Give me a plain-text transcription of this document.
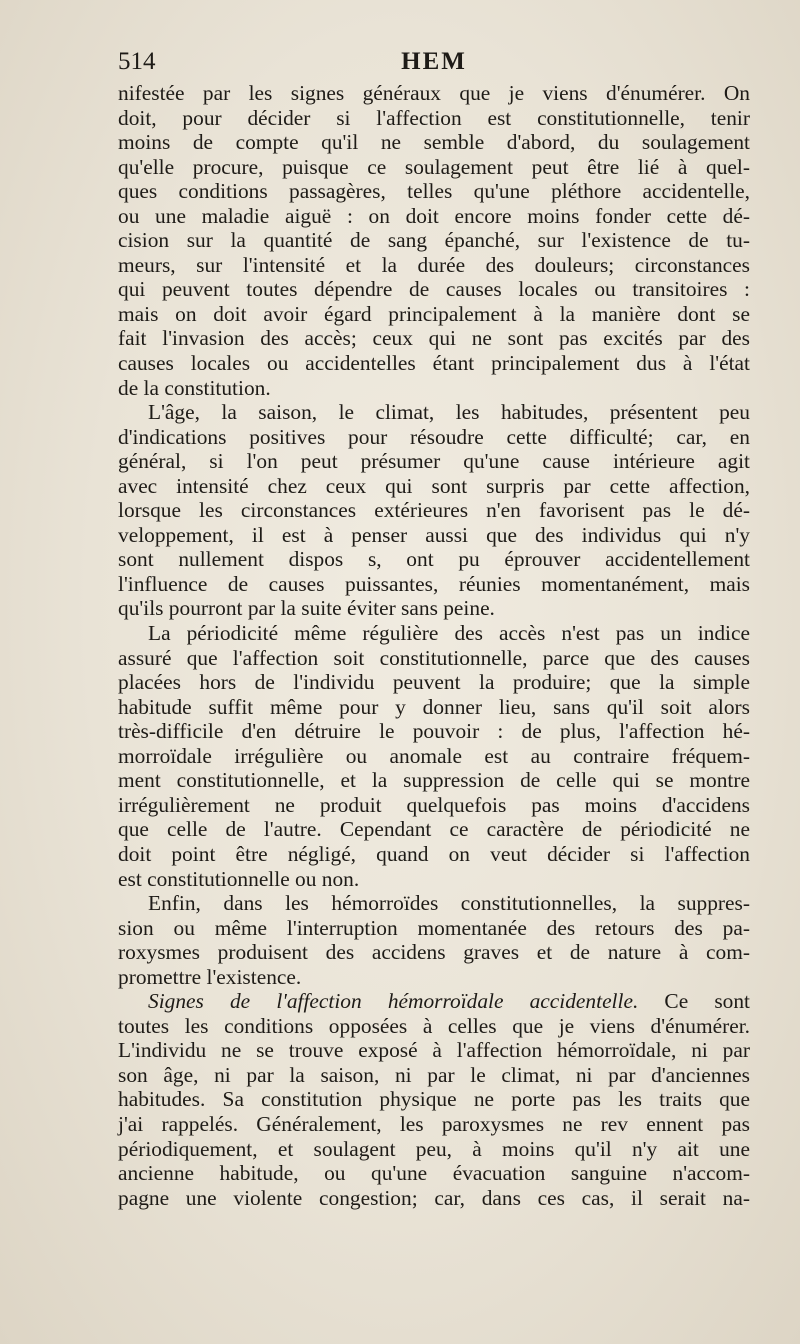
514	HEM
nifestée par les signes généraux que je viens d'énumérer. On
doit, pour décider si l'affection est constitutionnelle, tenir
moins de compte qu'il ne semble d'abord, du soulagement
qu'elle procure, puisque ce soulagement peut être lié à quel-
ques conditions passagères, telles qu'une pléthore accidentelle,
ou une maladie aiguë : on doit encore moins fonder cette dé-
cision sur la quantité de sang épanché, sur l'existence de tu-
meurs, sur l'intensité et la durée des douleurs; circonstances
qui peuvent toutes dépendre de causes locales ou transitoires :
mais on doit avoir égard principalement à la manière dont se
fait l'invasion des accès; ceux qui ne sont pas excités par des
causes locales ou accidentelles étant principalement dus à l'état
de la constitution.
L'âge, la saison, le climat, les habitudes, présentent peu
d'indications positives pour résoudre cette difficulté; car, en
général, si l'on peut présumer qu'une cause intérieure agit
avec intensité chez ceux qui sont surpris par cette affection,
lorsque les circonstances extérieures n'en favorisent pas le dé-
veloppement, il est à penser aussi que des individus qui n'y
sont nullement dispos s, ont pu éprouver accidentellement
l'influence de causes puissantes, réunies momentanément, mais
qu'ils pourront par la suite éviter sans peine.
La périodicité même régulière des accès n'est pas un indice
assuré que l'affection soit constitutionnelle, parce que des causes
placées hors de l'individu peuvent la produire; que la simple
habitude suffit même pour y donner lieu, sans qu'il soit alors
très-difficile d'en détruire le pouvoir : de plus, l'affection hé-
morroïdale irrégulière ou anomale est au contraire fréquem-
ment constitutionnelle, et la suppression de celle qui se montre
irrégulièrement ne produit quelquefois pas moins d'accidens
que celle de l'autre. Cependant ce caractère de périodicité ne
doit point être négligé, quand on veut décider si l'affection
est constitutionnelle ou non.
Enfin, dans les hémorroïdes constitutionnelles, la suppres-
sion ou même l'interruption momentanée des retours des pa-
roxysmes produisent des accidens graves et de nature à com-
promettre l'existence.
Signes de l'affection hémorroïdale accidentelle. Ce sont
toutes les conditions opposées à celles que je viens d'énumérer.
L'individu ne se trouve exposé à l'affection hémorroïdale, ni par
son âge, ni par la saison, ni par le climat, ni par d'anciennes
habitudes. Sa constitution physique ne porte pas les traits que
j'ai rappelés. Généralement, les paroxysmes ne rev ennent pas
périodiquement, et soulagent peu, à moins qu'il n'y ait une
ancienne habitude, ou qu'une évacuation sanguine n'accom-
pagne une violente congestion; car, dans ces cas, il serait na-
